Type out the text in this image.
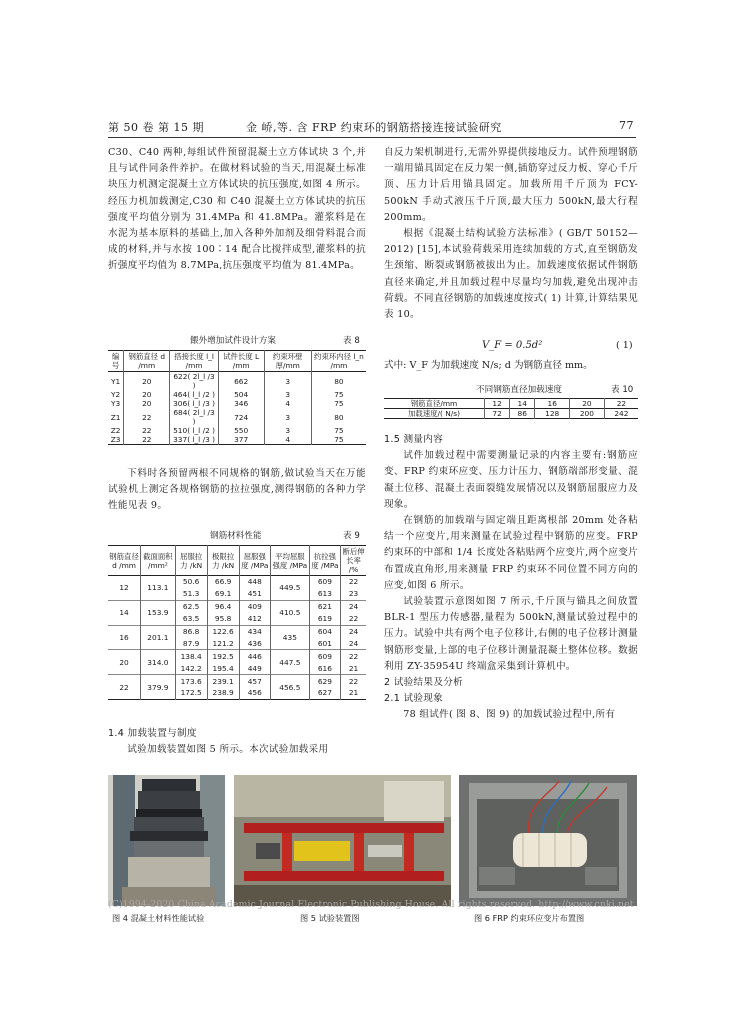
第 50 卷 第 15 期	金 峤,等. 含 FRP 约束环的钢筋搭接连接试验研究	77

C30、C40 两种,每组试件预留混凝土立方体试块 3 个,并且与试件同条件养护。在做材料试验的当天,用混凝土标准块压力机测定混凝土立方体试块的抗压强度,如图 4 所示。经压力机加载测定,C30 和 C40 混凝土立方体试块的抗压强度平均值分别为 31.4MPa 和 41.8MPa。灌浆料是在水泥为基本原料的基础上,加入各种外加剂及细骨料混合而成的材料,并与水按 100∶14 配合比搅拌成型,灌浆料的抗折强度平均值为 8.7MPa,抗压强度平均值为 81.4MPa。

餵外增加试件设计方案	表 8
编号	钢筋直径 d /mm	搭接长度 l_l /mm	试件长度 L /mm	约束环壁厚/mm	约束环内径 l_n /mm
Y1	20	622( 2l_l /3 )	662	3	80
Y2	20	464( l_l /2 )	504	3	75
Y3	20	306( l_l /3 )	346	4	75
Z1	22	684( 2l_l /3 )	724	3	80
Z2	22	510( l_l /2 )	550	3	75
Z3	22	337( l_l /3 )	377	4	75

下料时各预留两根不同规格的钢筋,做试验当天在万能试验机上测定各规格钢筋的拉拉强度,测得钢筋的各种力学性能见表 9。

钢筋材料性能	表 9
钢筋直径 d /mm	截面面积 /mm²	屈服拉力 /kN	极限拉力 /kN	屈服强度 /MPa	平均屈服强度 /MPa	抗拉强度 /MPa	断后伸长率 /%
12	113.1	50.6	66.9	448	449.5	609	22
		51.3	69.1	451		613	23
14	153.9	62.5	96.4	409	410.5	621	24
		63.5	95.8	412		619	22
16	201.1	86.8	122.6	434	435	604	24
		87.9	121.2	436		601	24
20	314.0	138.4	192.5	446	447.5	609	22
		142.2	195.4	449		616	21
22	379.9	173.6	239.1	457	456.5	629	22
		172.5	238.9	456		627	21

1.4 加载装置与制度

试验加载装置如图 5 所示。本次试验加载采用

自反力架机制进行,无需外界提供接地反力。试件预埋钢筋一端用锚具固定在反力架一侧,插筋穿过反力板、穿心千斤顶、压力计后用锚具固定。加载所用千斤顶为 FCY-500kN 手动式液压千斤顶,最大压力 500kN,最大行程 200mm。

根据《混凝土结构试验方法标准》( GB/T 50152—2012) [15],本试验荷载采用连续加载的方式,直至钢筋发生颈缩、断裂或钢筋被拔出为止。加载速度依据试件钢筋直径来确定,并且加载过程中尽量均匀加载,避免出现冲击荷载。不同直径钢筋的加载速度按式( 1) 计算,计算结果见表 10。

V_F = 0.5d²	( 1)
式中: V_F 为加载速度 N/s; d 为钢筋直径 mm。
不同钢筋直径加载速度	表 10
钢筋直径/mm	12	14	16	20	22
加载速度/( N/s)	72	86	128	200	242

1.5 测量内容

试件加载过程中需要测量记录的内容主要有:钢筋应变、FRP 约束环应变、压力计压力、钢筋端部形变量、混凝土位移、混凝土表面裂缝发展情况以及钢筋屈服应力及现象。

在钢筋的加载端与固定端且距离根部 20mm 处各粘结一个应变片,用来测量在试验过程中钢筋的应变。FRP 约束环的中部和 1/4 长度处各粘贴两个应变片,两个应变片布置成直角形,用来测量 FRP 约束环不同位置不同方向的应变,如图 6 所示。

试验装置示意图如图 7 所示,千斤顶与锚具之间放置 BLR-1 型压力传感器,量程为 500kN,测量试验过程中的压力。试验中共有两个电子位移计,右侧的电子位移计测量钢筋形变量,上部的电子位移计测量混凝土整体位移。数据利用 ZY-35954U 终端盒采集到计算机中。

2 试验结果及分析

2.1 试验现象

78 组试件( 图 8、图 9) 的加载试验过程中,所有

(C)1994-2020 China Academic Journal Electronic Publishing House. All rights reserved. http://www.cnki.net
图 4 混凝土材料性能试验	图 5 试验装置图	图 6 FRP 约束环应变片布置图
